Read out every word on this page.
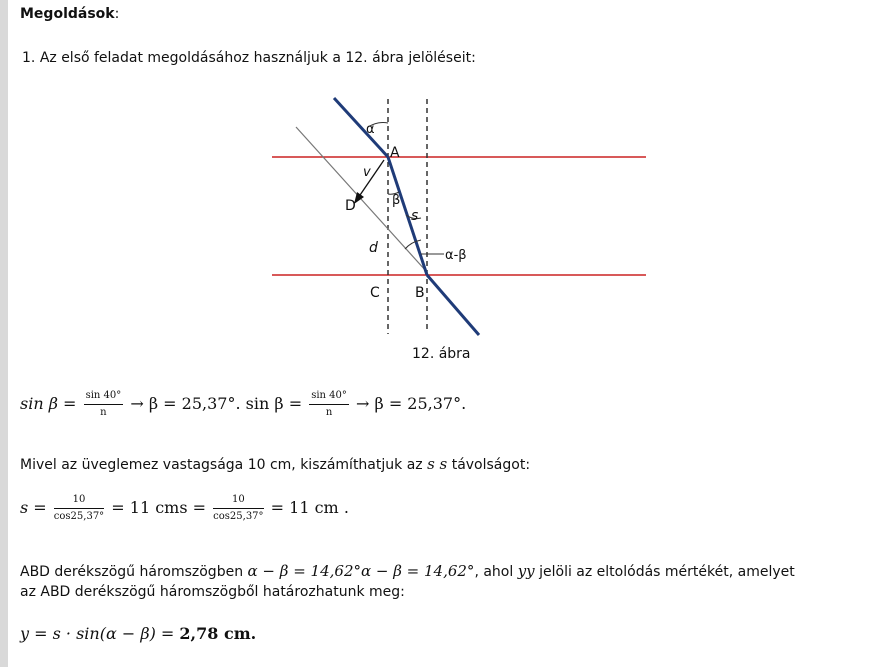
Megoldások:
1. Az első feladat megoldásához használjuk a 12. ábra jelöléseit:
α
A
v
β
D
s
d	α-β
C	B
12. ábra
$\sin \beta = \frac{\sin 40^\circ}{n} \to \beta = 25,37^\circ$. $\sin \beta = \frac{\sin 40^\circ}{n} \to \beta = 25,37^\circ$.
Mivel az üveglemez vastagsága 10 cm, kiszámíthatjuk az s s távolságot:
$s = \frac{10}{\cos 25,37^\circ} = 11$ cms = $\frac{10}{\cos 25,37^\circ} = 11$ cm .
ABD derékszögű háromszögben α − β = 14,62°α − β = 14,62°, ahol yy jelöli az eltolódás mértékét, amelyet
az ABD derékszögű háromszögből határozhatunk meg:
y = s · sin(α − β) = 2,78 cm.
